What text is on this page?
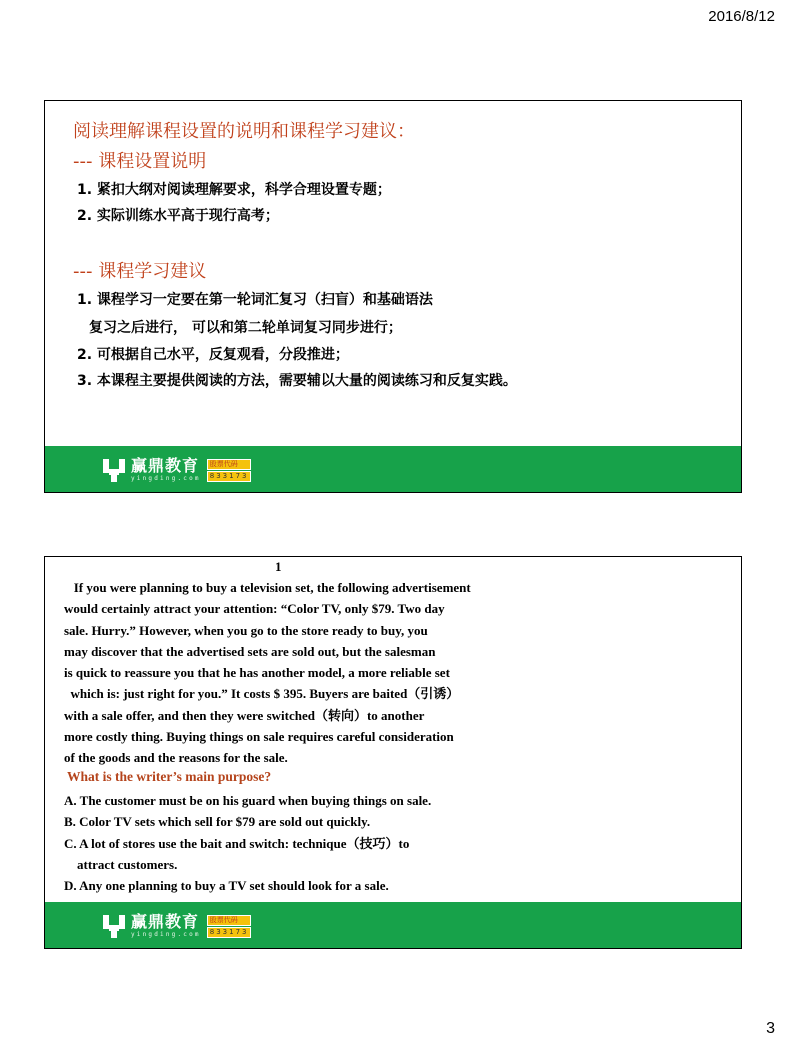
2016/8/12
阅读理解课程设置的说明和课程学习建议：
--- 课程设置说明
1. 紧扣大纲对阅读理解要求，科学合理设置专题；
2. 实际训练水平高于现行高考；
--- 课程学习建议
1. 课程学习一定要在第一轮词汇复习（扫盲）和基础语法
复习之后进行， 可以和第二轮单词复习同步进行；
2. 可根据自己水平，反复观看，分段推进；
3. 本课程主要提供阅读的方法，需要辅以大量的阅读练习和反复实践。
赢鼎教育
yingding.com
股票代码
833173
1
If you were planning to buy a television set, the following advertisement
would certainly attract your attention: “Color TV, only $79. Two day
sale. Hurry.” However, when you go to the store ready to buy, you
may discover that the advertised sets are sold out, but the salesman
is quick to reassure you that he has another model, a more reliable set
which is: just right for you.” It costs $ 395. Buyers are baited（引诱）
with a sale offer, and then they were switched（转向）to another
more costly thing. Buying things on sale requires careful consideration
of the goods and the reasons for the sale.
What is the writer’s main purpose?
A. The customer must be on his guard when buying things on sale.
B. Color TV sets which sell for $79 are sold out quickly.
C. A lot of stores use the bait and switch: technique（技巧）to
attract customers.
D. Any one planning to buy a TV set should look for a sale.
赢鼎教育
yingding.com
股票代码
833173
3
